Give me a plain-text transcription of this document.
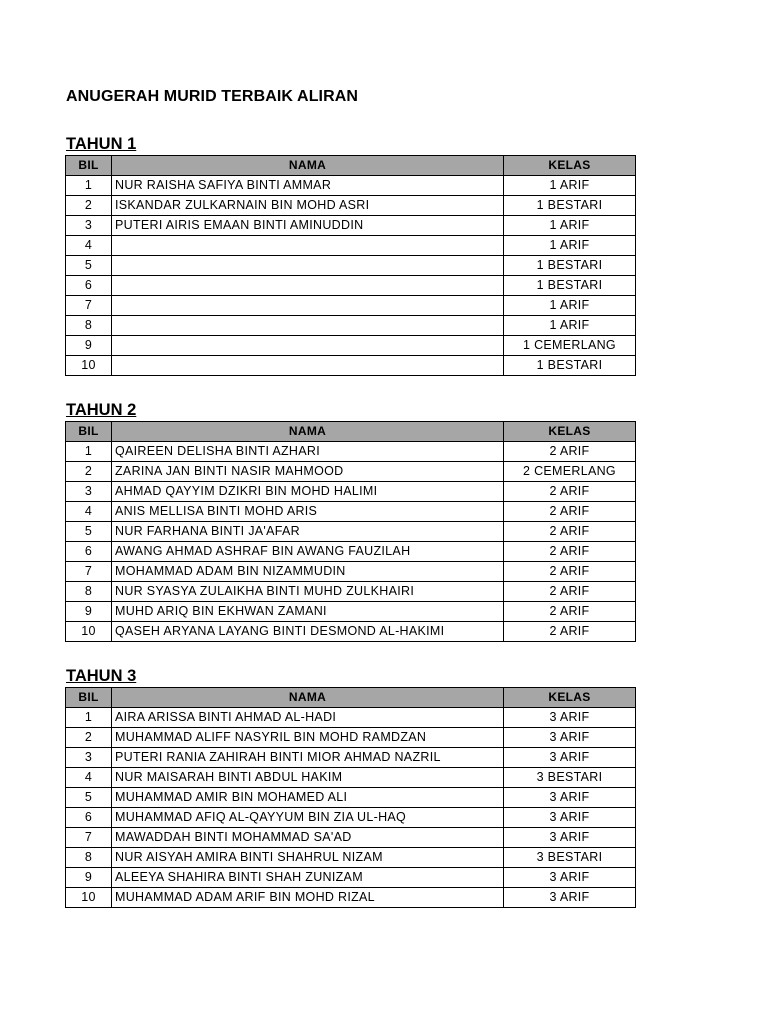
ANUGERAH MURID TERBAIK ALIRAN
TAHUN 1
BIL	NAMA	KELAS
1	NUR RAISHA SAFIYA BINTI AMMAR	1 ARIF
2	ISKANDAR ZULKARNAIN BIN MOHD ASRI	1 BESTARI
3	PUTERI AIRIS EMAAN BINTI AMINUDDIN	1 ARIF
4		1 ARIF
5		1 BESTARI
6		1 BESTARI
7		1 ARIF
8		1 ARIF
9		1 CEMERLANG
10		1 BESTARI
TAHUN 2
BIL	NAMA	KELAS
1	QAIREEN DELISHA BINTI AZHARI	2 ARIF
2	ZARINA JAN BINTI NASIR MAHMOOD	2 CEMERLANG
3	AHMAD QAYYIM DZIKRI BIN MOHD HALIMI	2 ARIF
4	ANIS MELLISA BINTI MOHD ARIS	2 ARIF
5	NUR FARHANA BINTI JA'AFAR	2 ARIF
6	AWANG AHMAD ASHRAF BIN AWANG FAUZILAH	2 ARIF
7	MOHAMMAD ADAM BIN NIZAMMUDIN	2 ARIF
8	NUR SYASYA ZULAIKHA BINTI MUHD ZULKHAIRI	2 ARIF
9	MUHD ARIQ BIN EKHWAN ZAMANI	2 ARIF
10	QASEH ARYANA LAYANG BINTI DESMOND AL-HAKIMI	2 ARIF
TAHUN 3
BIL	NAMA	KELAS
1	AIRA ARISSA BINTI AHMAD AL-HADI	3 ARIF
2	MUHAMMAD ALIFF NASYRIL BIN MOHD RAMDZAN	3 ARIF
3	PUTERI RANIA ZAHIRAH BINTI MIOR AHMAD NAZRIL	3 ARIF
4	NUR MAISARAH BINTI ABDUL HAKIM	3 BESTARI
5	MUHAMMAD AMIR BIN MOHAMED ALI	3 ARIF
6	MUHAMMAD AFIQ AL-QAYYUM BIN ZIA UL-HAQ	3 ARIF
7	MAWADDAH BINTI MOHAMMAD SA'AD	3 ARIF
8	NUR AISYAH AMIRA BINTI SHAHRUL NIZAM	3 BESTARI
9	ALEEYA SHAHIRA BINTI SHAH ZUNIZAM	3 ARIF
10	MUHAMMAD ADAM ARIF BIN MOHD RIZAL	3 ARIF
